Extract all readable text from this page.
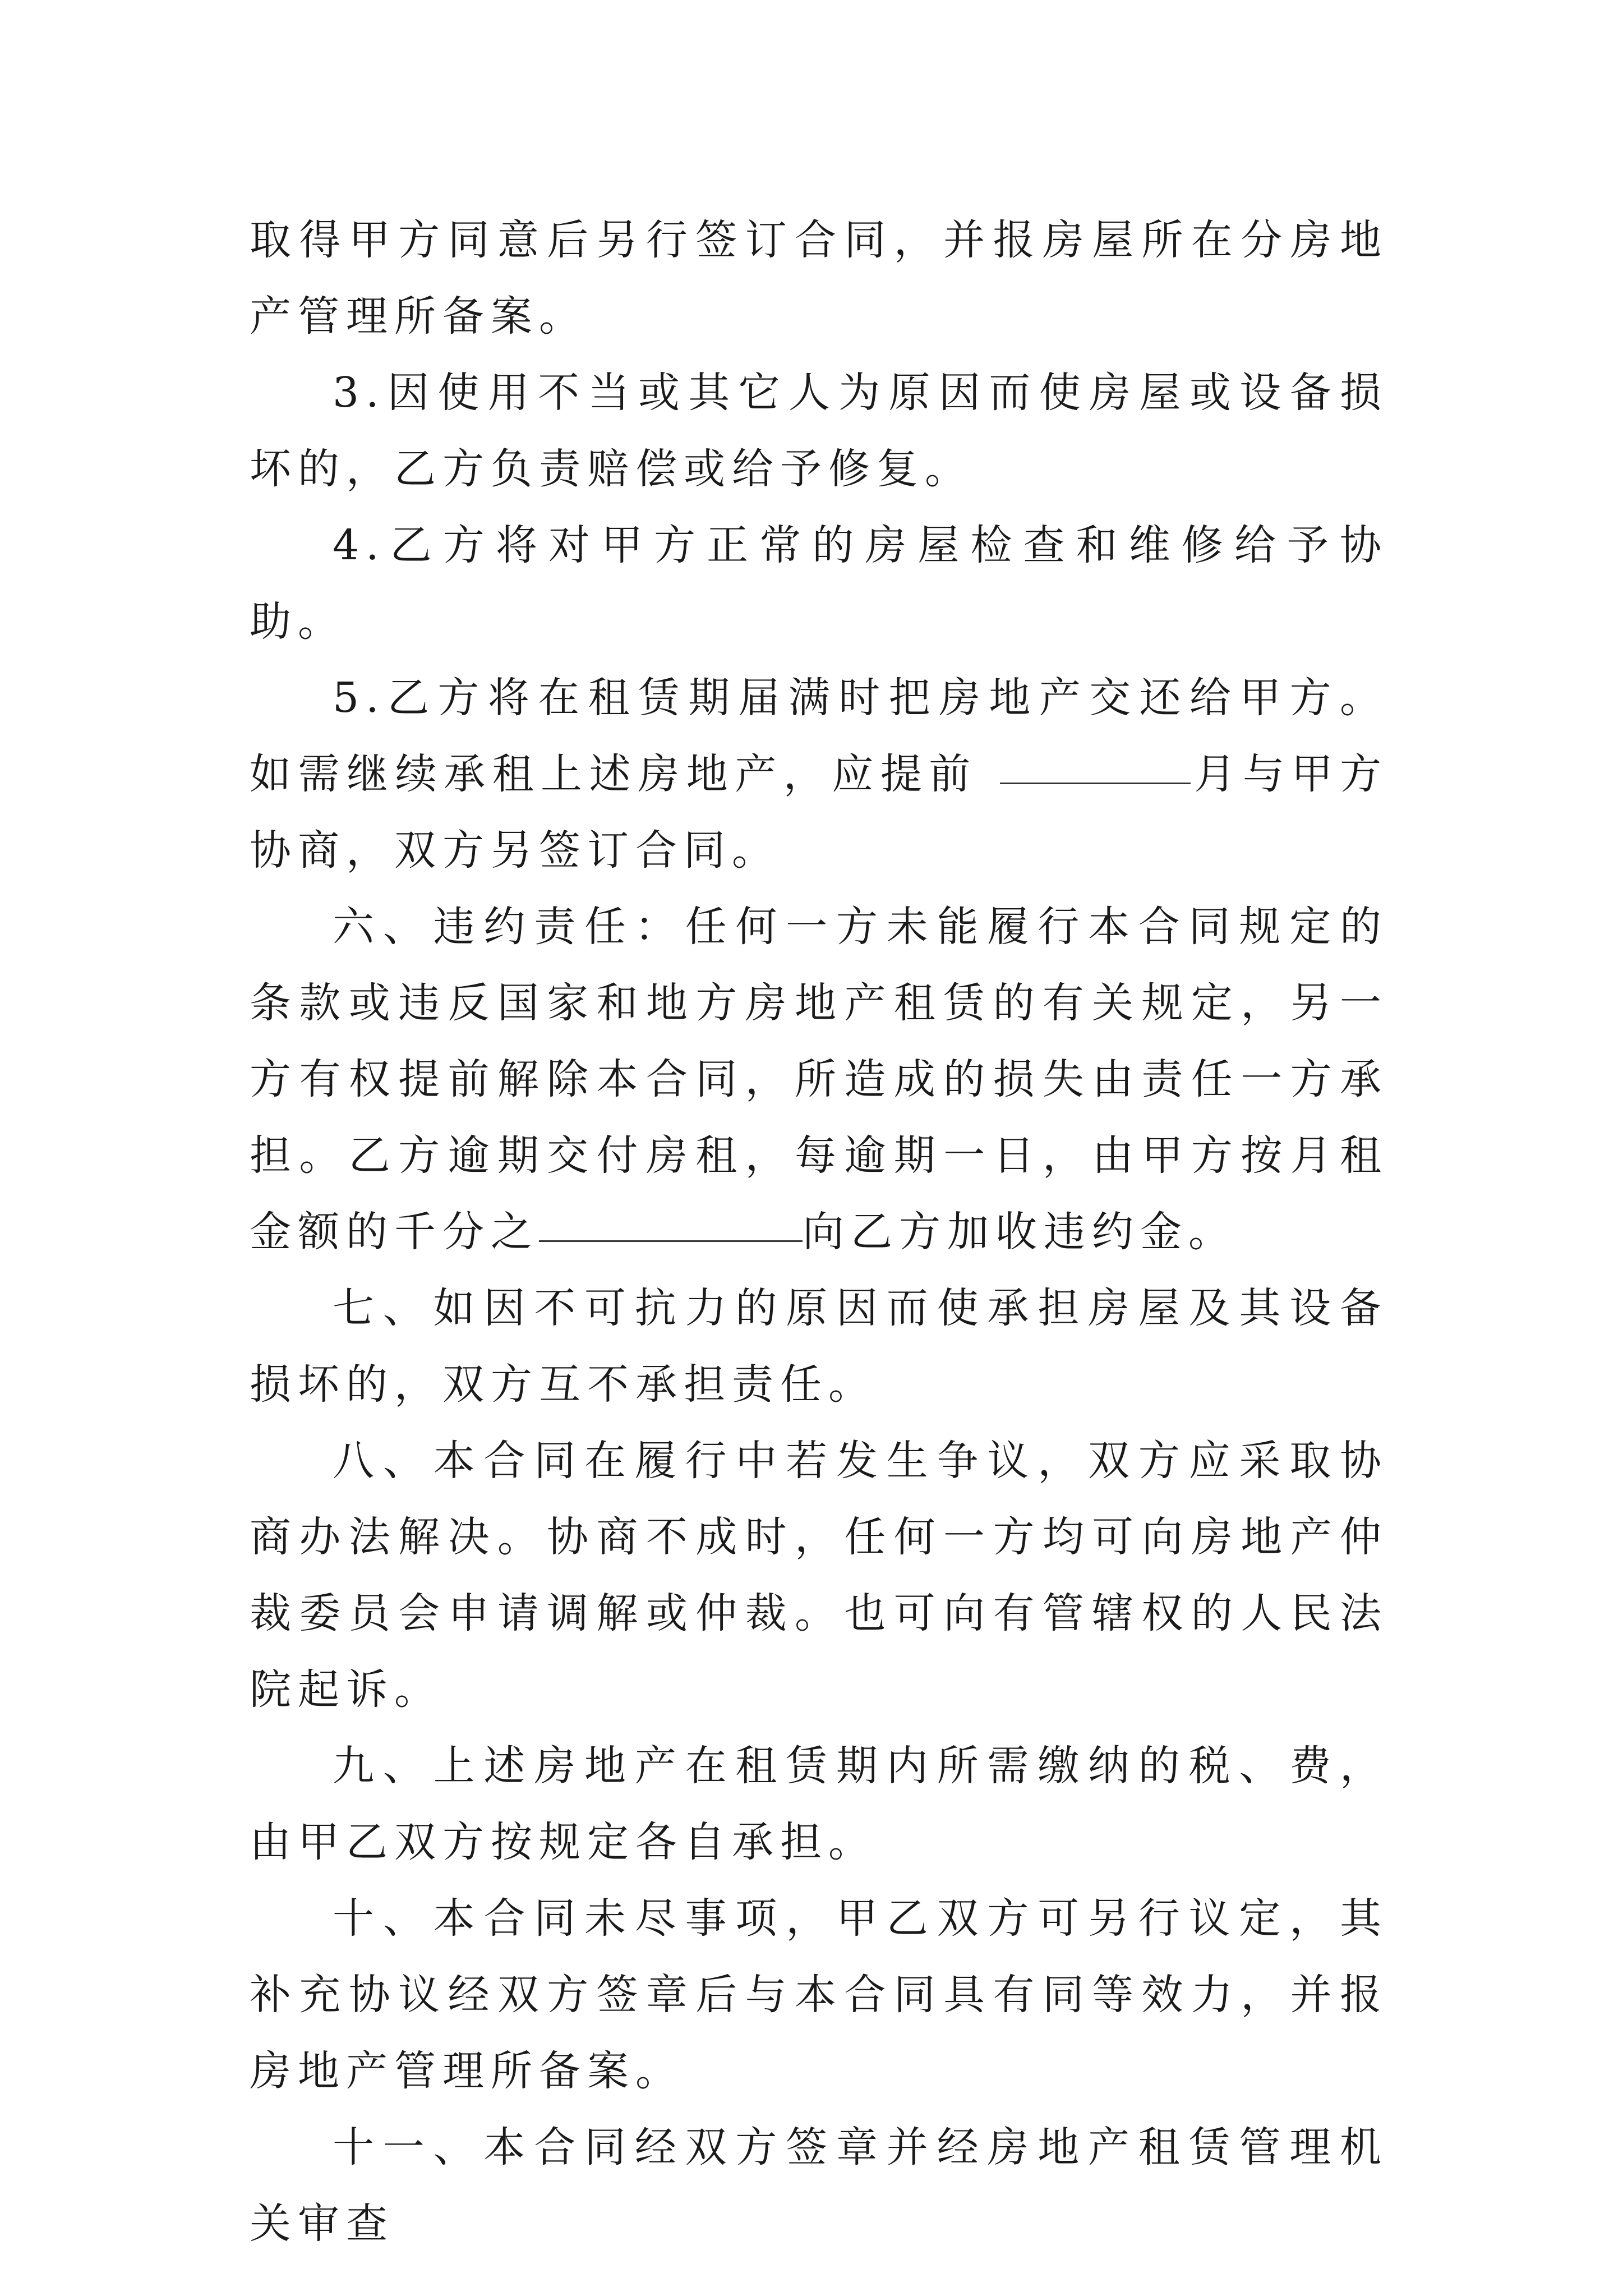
取得甲方同意后另行签订合同，并报房屋所在分房地产管理所备案。

3.因使用不当或其它人为原因而使房屋或设备损坏的，乙方负责赔偿或给予修复。

4.乙方将对甲方正常的房屋检查和维修给予协助。

5.乙方将在租赁期届满时把房地产交还给甲方。如需继续承租上述房地产，应提前	月与甲方协商，双方另签订合同。

六、违约责任：任何一方未能履行本合同规定的条款或违反国家和地方房地产租赁的有关规定，另一方有权提前解除本合同，所造成的损失由责任一方承担。乙方逾期交付房租，每逾期一日，由甲方按月租金额的千分之	向乙方加收违约金。

七、如因不可抗力的原因而使承担房屋及其设备损坏的，双方互不承担责任。

八、本合同在履行中若发生争议，双方应采取协商办法解决。协商不成时，任何一方均可向房地产仲裁委员会申请调解或仲裁。也可向有管辖权的人民法院起诉。

九、上述房地产在租赁期内所需缴纳的税、费，由甲乙双方按规定各自承担。

十、本合同未尽事项，甲乙双方可另行议定，其补充协议经双方签章后与本合同具有同等效力，并报房地产管理所备案。

十一、本合同经双方签章并经房地产租赁管理机关审查
